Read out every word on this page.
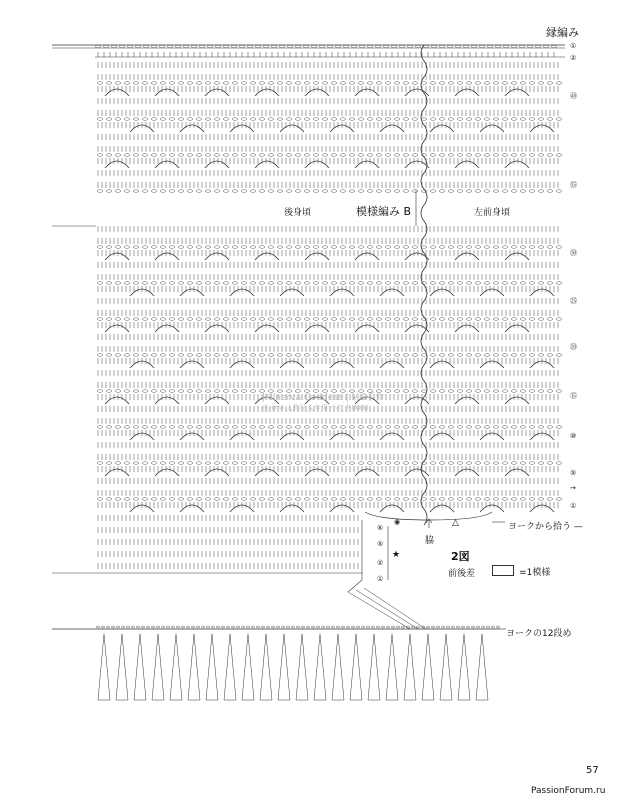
縁編み
後身頃	模様編み B	左前身頃
①
②
㊵
㉟
㉚
㉕
⑳
⑮
⑩
⑤
①
→
⑥
⑤
②
①
★
◉	△
脇
ヨークから拾う —
2図
前後差	=1模様
ヨークの12段め
|Minerva Goddess | MG手作
由-(m) 人物私人专用 小红书(MG)
57
PassionForum.ru
